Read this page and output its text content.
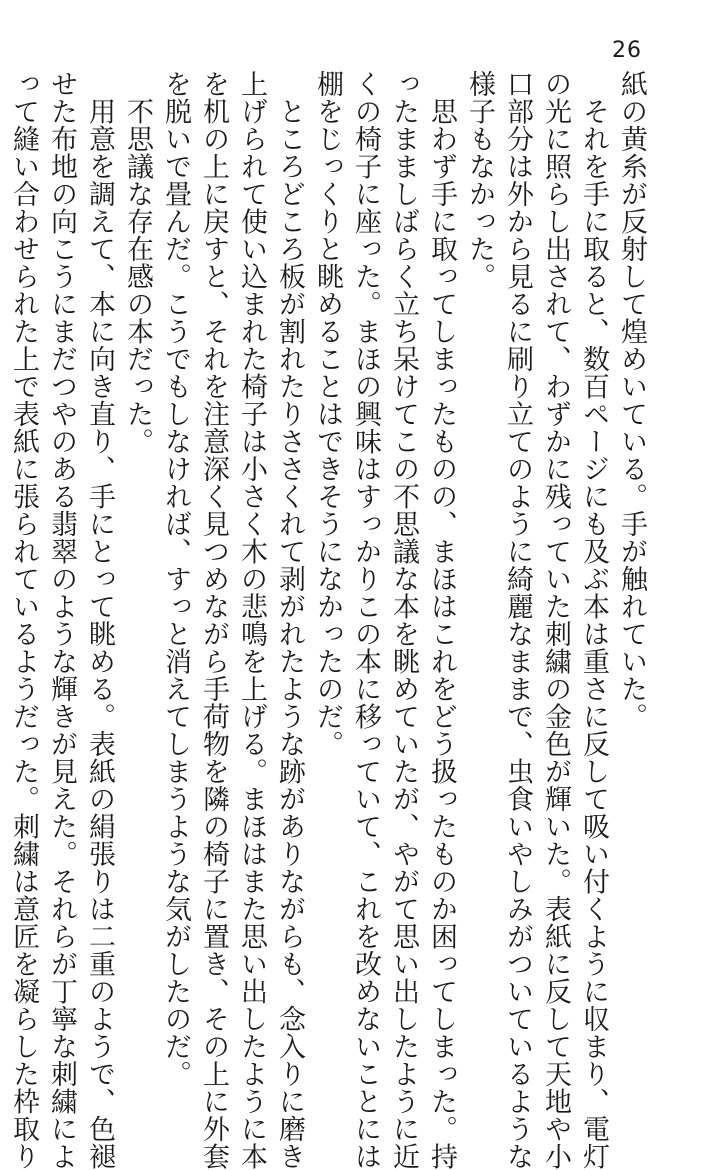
26
紙の黄糸が反射して煌めいている。手が触れていた。
　それを手に取ると、数百ページにも及ぶ本は重さに反して吸い付くように収まり、電灯
の光に照らし出されて、わずかに残っていた刺繍の金色が輝いた。表紙に反して天地や小
口部分は外から見るに刷り立てのように綺麗なままで、虫食いやしみがついているような
様子もなかった。
　思わず手に取ってしまったものの、まほはこれをどう扱ったものか困ってしまった。持
ったまましばらく立ち呆けてこの不思議な本を眺めていたが、やがて思い出したように近
くの椅子に座った。まほの興味はすっかりこの本に移っていて、これを改めないことには
棚をじっくりと眺めることはできそうになかったのだ。
　ところどころ板が割れたりささくれて剥がれたような跡がありながらも、念入りに磨き
上げられて使い込まれた椅子は小さく木の悲鳴を上げる。まほはまた思い出したように本
を机の上に戻すと、それを注意深く見つめながら手荷物を隣の椅子に置き、その上に外套
を脱いで畳んだ。こうでもしなければ、すっと消えてしまうような気がしたのだ。
　不思議な存在感の本だった。
　用意を調えて、本に向き直り、手にとって眺める。表紙の絹張りは二重のようで、色褪
せた布地の向こうにまだつやのある翡翠のような輝きが見えた。それらが丁寧な刺繍によ
って縫い合わせられた上で表紙に張られているようだった。刺繍は意匠を凝らした枠取り
